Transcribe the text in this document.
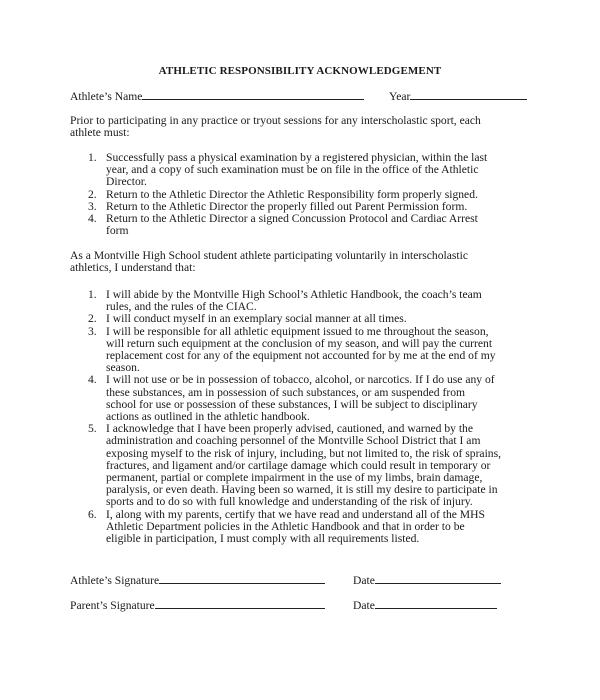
ATHLETIC RESPONSIBILITY ACKNOWLEDGEMENT
Athlete’s Name	Year
Prior to participating in any practice or tryout sessions for any interscholastic sport, each
athlete must:
1. Successfully pass a physical examination by a registered physician, within the last
year, and a copy of such examination must be on file in the office of the Athletic
Director.
2. Return to the Athletic Director the Athletic Responsibility form properly signed.
3. Return to the Athletic Director the properly filled out Parent Permission form.
4. Return to the Athletic Director a signed Concussion Protocol and Cardiac Arrest
form
As a Montville High School student athlete participating voluntarily in interscholastic
athletics, I understand that:
1. I will abide by the Montville High School’s Athletic Handbook, the coach’s team
rules, and the rules of the CIAC.
2. I will conduct myself in an exemplary social manner at all times.
3. I will be responsible for all athletic equipment issued to me throughout the season,
will return such equipment at the conclusion of my season, and will pay the current
replacement cost for any of the equipment not accounted for by me at the end of my
season.
4. I will not use or be in possession of tobacco, alcohol, or narcotics. If I do use any of
these substances, am in possession of such substances, or am suspended from
school for use or possession of these substances, I will be subject to disciplinary
actions as outlined in the athletic handbook.
5. I acknowledge that I have been properly advised, cautioned, and warned by the
administration and coaching personnel of the Montville School District that I am
exposing myself to the risk of injury, including, but not limited to, the risk of sprains,
fractures, and ligament and/or cartilage damage which could result in temporary or
permanent, partial or complete impairment in the use of my limbs, brain damage,
paralysis, or even death. Having been so warned, it is still my desire to participate in
sports and to do so with full knowledge and understanding of the risk of injury.
6. I, along with my parents, certify that we have read and understand all of the MHS
Athletic Department policies in the Athletic Handbook and that in order to be
eligible in participation, I must comply with all requirements listed.
Athlete’s Signature	Date
Parent’s Signature	Date
